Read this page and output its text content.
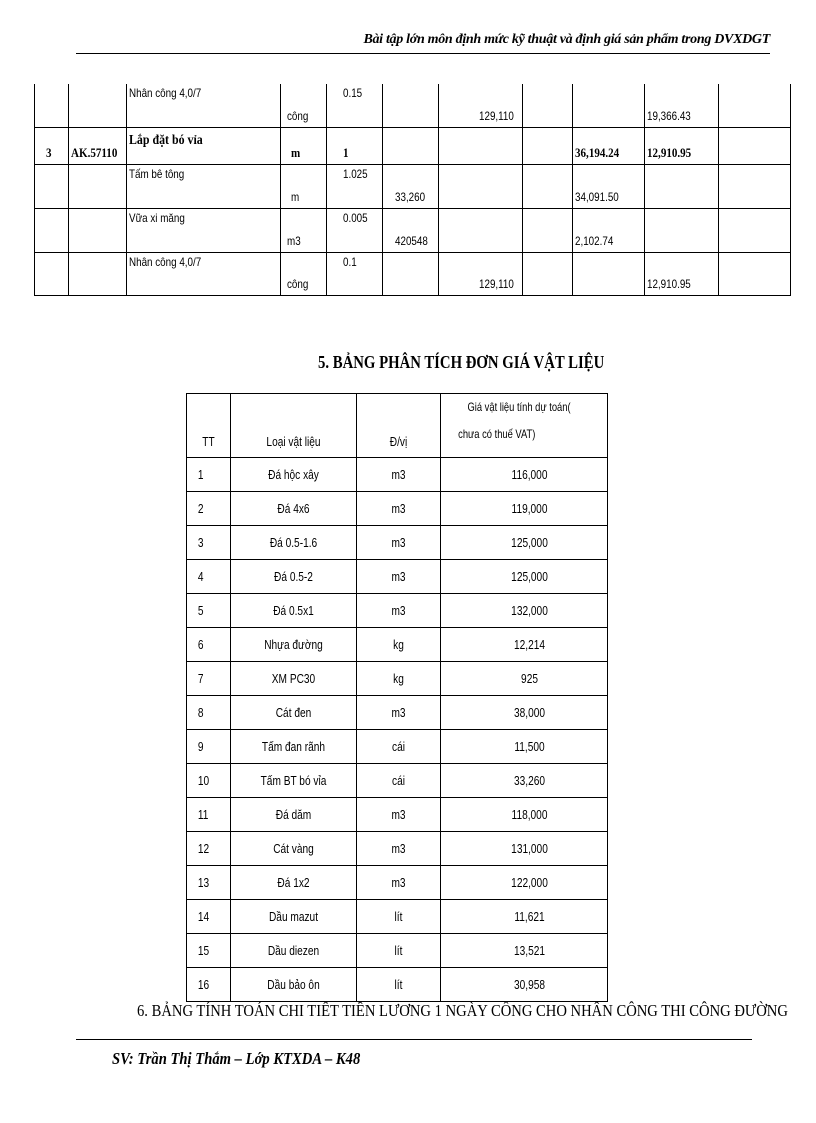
Bài tập lớn môn định mức kỹ thuật và định giá sản phẩm trong DVXDGT

		Nhân công 4,0/7	công	0.15		129,110			19,366.43	

3	AK.57110	Lắp đặt bó vỉa	m	1				36,194.24	12,910.95	

		Tấm bê tông	m	1.025	33,260			34,091.50		

		Vữa xi măng	m3	0.005	420548			2,102.74		

		Nhân công 4,0/7	công	0.1		129,110			12,910.95	

5. BẢNG PHÂN TÍCH ĐƠN GIÁ VẬT LIỆU
TT	Loại vật liệu	Đ/vị	Giá vật liệu tính dự toán(
chưa có thuế VAT)

1	Đá hộc xây	m3	116,000

2	Đá 4x6	m3	119,000

3	Đá 0.5-1.6	m3	125,000

4	Đá 0.5-2	m3	125,000

5	Đá 0.5x1	m3	132,000

6	Nhựa đường	kg	12,214

7	XM PC30	kg	925

8	Cát đen	m3	38,000

9	Tấm đan rãnh	cái	11,500

10	Tấm BT bó vỉa	cái	33,260

11	Đá dăm	m3	118,000

12	Cát vàng	m3	131,000

13	Đá 1x2	m3	122,000

14	Dầu mazut	lít	11,621

15	Dầu diezen	lít	13,521

16	Dầu bảo ôn	lít	30,958
6. BẢNG TÍNH TOÁN CHI TIẾT TIỀN LƯƠNG 1 NGÀY CÔNG CHO NHÂN CÔNG THI CÔNG ĐƯỜNG
SV: Trần Thị Thắm – Lớp KTXDA – K48
